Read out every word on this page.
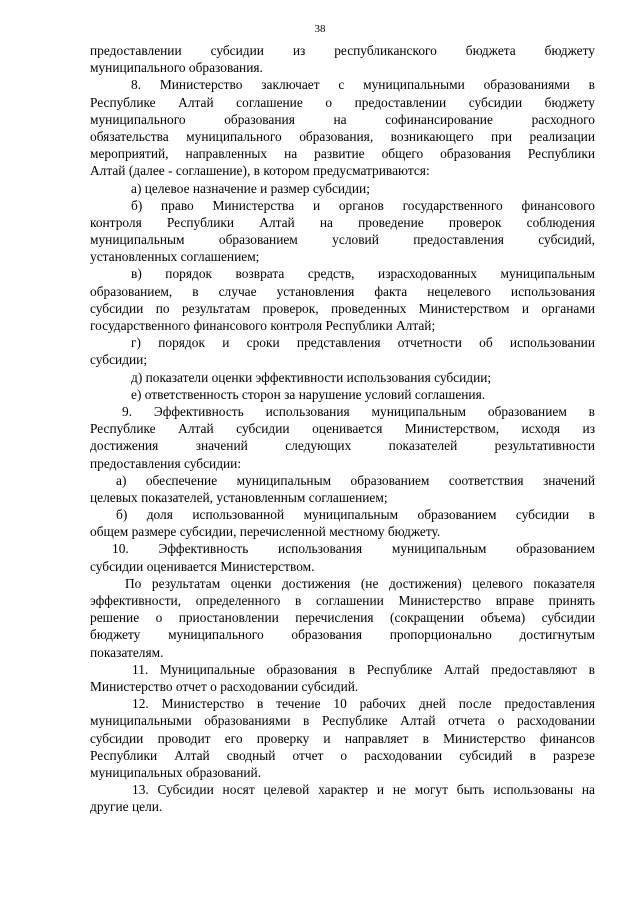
38

предоставлении субсидии из республиканского бюджета бюджету
муниципального образования.

8. Министерство заключает с муниципальными образованиями в
Республике Алтай соглашение о предоставлении субсидии бюджету
муниципального образования на софинансирование расходного
обязательства муниципального образования, возникающего при реализации
мероприятий, направленных на развитие общего образования Республики
Алтай (далее - соглашение), в котором предусматриваются:

а) целевое назначение и размер субсидии;

б) право Министерства и органов государственного финансового
контроля Республики Алтай на проведение проверок соблюдения
муниципальным образованием условий предоставления субсидий,
установленных соглашением;

в) порядок возврата средств, израсходованных муниципальным
образованием, в случае установления факта нецелевого использования
субсидии по результатам проверок, проведенных Министерством и органами
государственного финансового контроля Республики Алтай;

г) порядок и сроки представления отчетности об использовании
субсидии;

д) показатели оценки эффективности использования субсидии;

е) ответственность сторон за нарушение условий соглашения.

9. Эффективность использования муниципальным образованием в
Республике Алтай субсидии оценивается Министерством, исходя из
достижения значений следующих показателей результативности
предоставления субсидии:

а) обеспечение муниципальным образованием соответствия значений
целевых показателей, установленным соглашением;

б) доля использованной муниципальным образованием субсидии в
общем размере субсидии, перечисленной местному бюджету.

10. Эффективность использования муниципальным образованием
субсидии оценивается Министерством.

По результатам оценки достижения (не достижения) целевого показателя
эффективности, определенного в соглашении Министерство вправе принять
решение о приостановлении перечисления (сокращении объема) субсидии
бюджету муниципального образования пропорционально достигнутым
показателям.

11. Муниципальные образования в Республике Алтай предоставляют в
Министерство отчет о расходовании субсидий.

12. Министерство в течение 10 рабочих дней после предоставления
муниципальными образованиями в Республике Алтай отчета о расходовании
субсидии проводит его проверку и направляет в Министерство финансов
Республики Алтай сводный отчет о расходовании субсидий в разрезе
муниципальных образований.

13. Субсидии носят целевой характер и не могут быть использованы на
другие цели.
